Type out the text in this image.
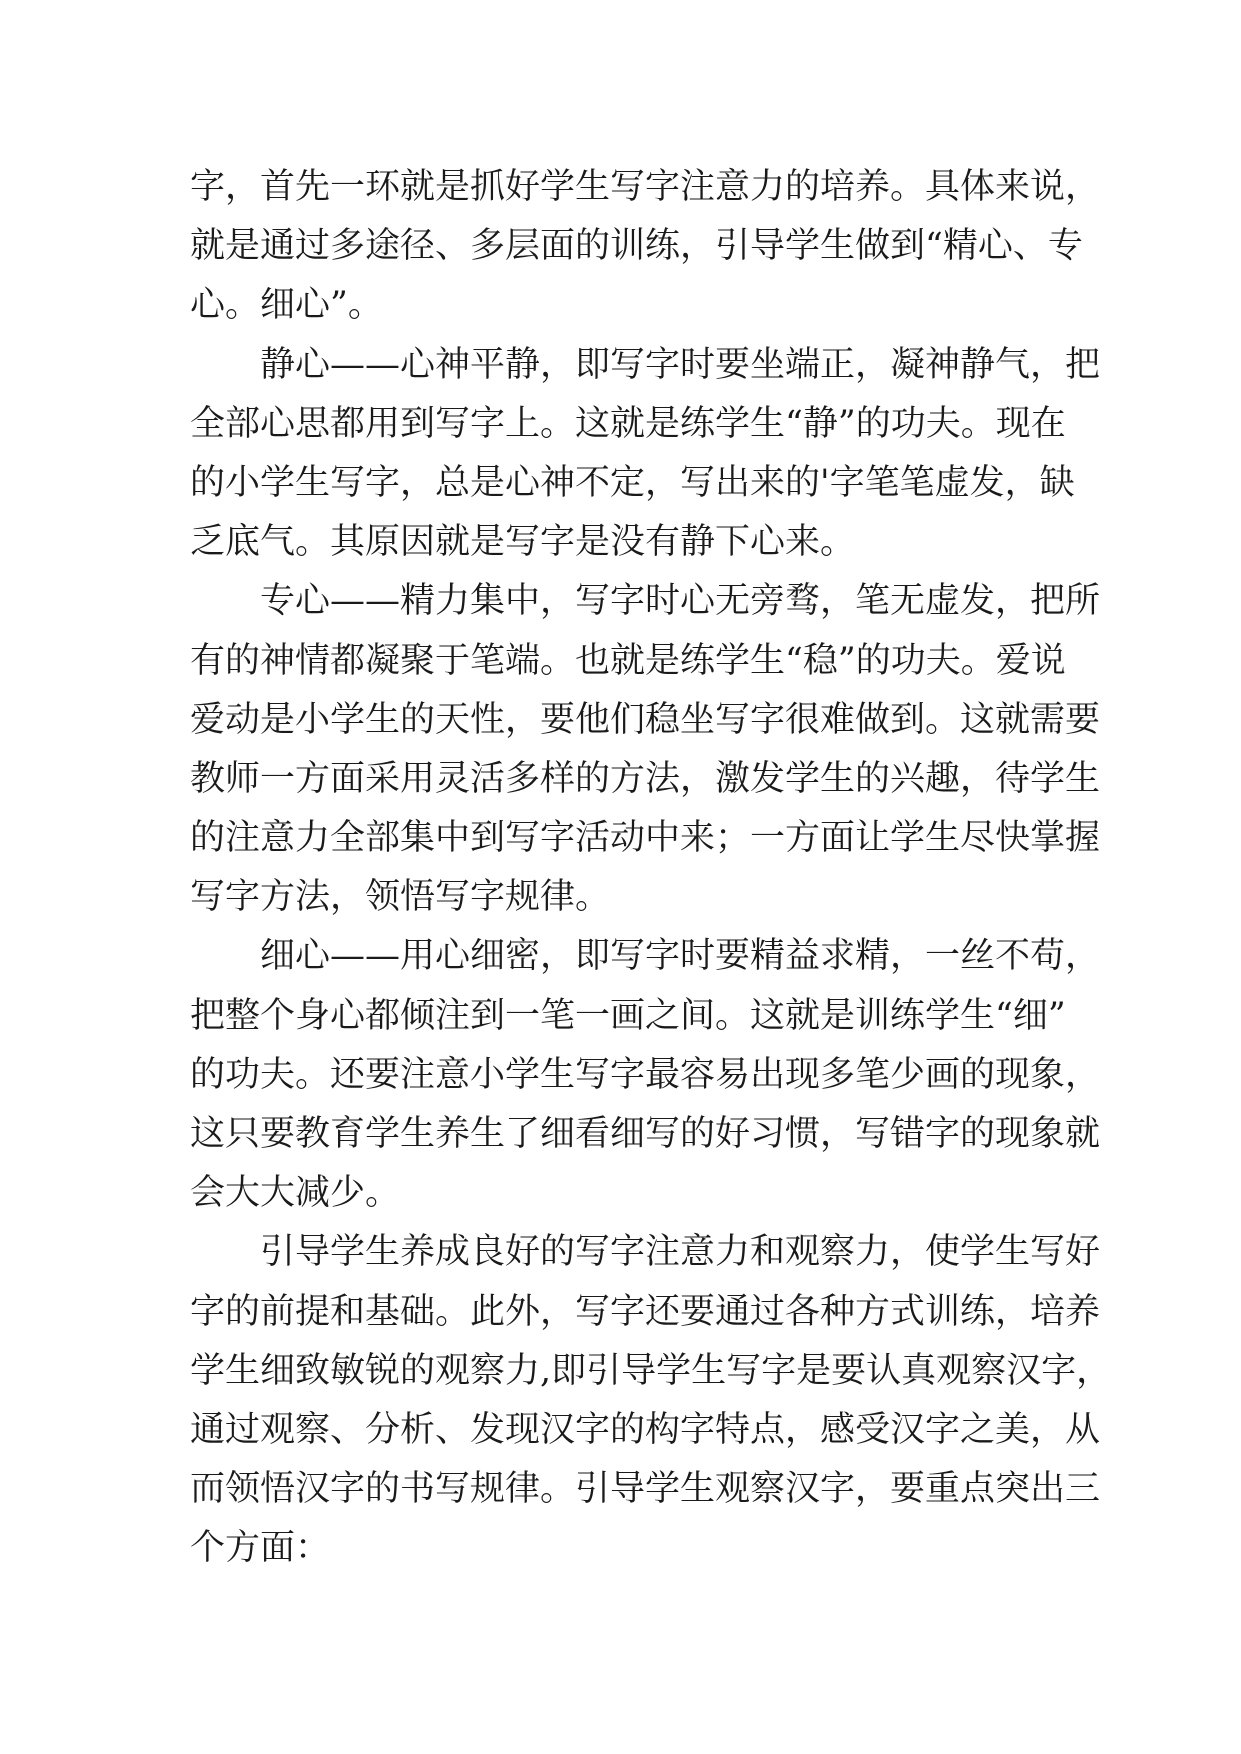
字，首先一环就是抓好学生写字注意力的培养。具体来说，
就是通过多途径、多层面的训练，引导学生做到“精心、专
心。细心”。
静心——心神平静，即写字时要坐端正，凝神静气，把
全部心思都用到写字上。这就是练学生“静”的功夫。现在
的小学生写字，总是心神不定，写出来的'字笔笔虚发，缺
乏底气。其原因就是写字是没有静下心来。
专心——精力集中，写字时心无旁骛，笔无虚发，把所
有的神情都凝聚于笔端。也就是练学生“稳”的功夫。爱说
爱动是小学生的天性，要他们稳坐写字很难做到。这就需要
教师一方面采用灵活多样的方法，激发学生的兴趣，待学生
的注意力全部集中到写字活动中来；一方面让学生尽快掌握
写字方法，领悟写字规律。
细心——用心细密，即写字时要精益求精，一丝不苟，
把整个身心都倾注到一笔一画之间。这就是训练学生“细”
的功夫。还要注意小学生写字最容易出现多笔少画的现象，
这只要教育学生养生了细看细写的好习惯，写错字的现象就
会大大减少。
引导学生养成良好的写字注意力和观察力，使学生写好
字的前提和基础。此外，写字还要通过各种方式训练，培养
学生细致敏锐的观察力,即引导学生写字是要认真观察汉字，
通过观察、分析、发现汉字的构字特点，感受汉字之美，从
而领悟汉字的书写规律。引导学生观察汉字，要重点突出三
个方面：
